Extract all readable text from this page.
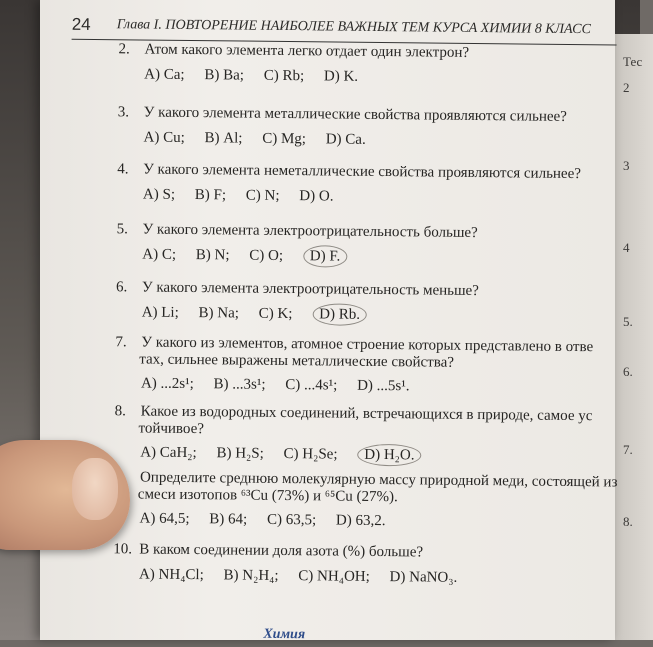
Тес
2
3
4
5.
6.
7.
8.
24 Глава I. ПОВТОРЕНИЕ НАИБОЛЕЕ ВАЖНЫХ ТЕМ КУРСА ХИМИИ 8 КЛАСС
2. Атом какого элемента легко отдает один электрон?
А) Са; В) Ва; С) Rb; D) K.
3. У какого элемента металлические свойства проявляются сильнее?
А) Cu; В) Al; С) Mg; D) Са.
4. У какого элемента неметаллические свойства проявляются сильнее?
А) S; В) F; С) N; D) О.
5. У какого элемента электроотрицательность больше?
А) С; В) N; С) О; D) F.
6. У какого элемента электроотрицательность меньше?
А) Li; В) Na; С) K; D) Rb.
7. У какого из элементов, атомное строение которых представлено в отве
тах, сильнее выражены металлические свойства?
А) ...2s¹; В) ...3s¹; С) ...4s¹; D) ...5s¹.
8. Какое из водородных соединений, встречающихся в природе, самое ус
тойчивое?
А) СаН₂; В) Н₂S; С) Н₂Se; D) Н₂О.
Определите среднюю молекулярную массу природной меди, состоящей из
смеси изотопов ⁶³Cu (73%) и ⁶⁵Cu (27%).
А) 64,5; В) 64; С) 63,5; D) 63,2.
10. В каком соединении доля азота (%) больше?
А) NH₄Cl; В) N₂H₄; С) NH₄OH; D) NaNO₃.
Химия
